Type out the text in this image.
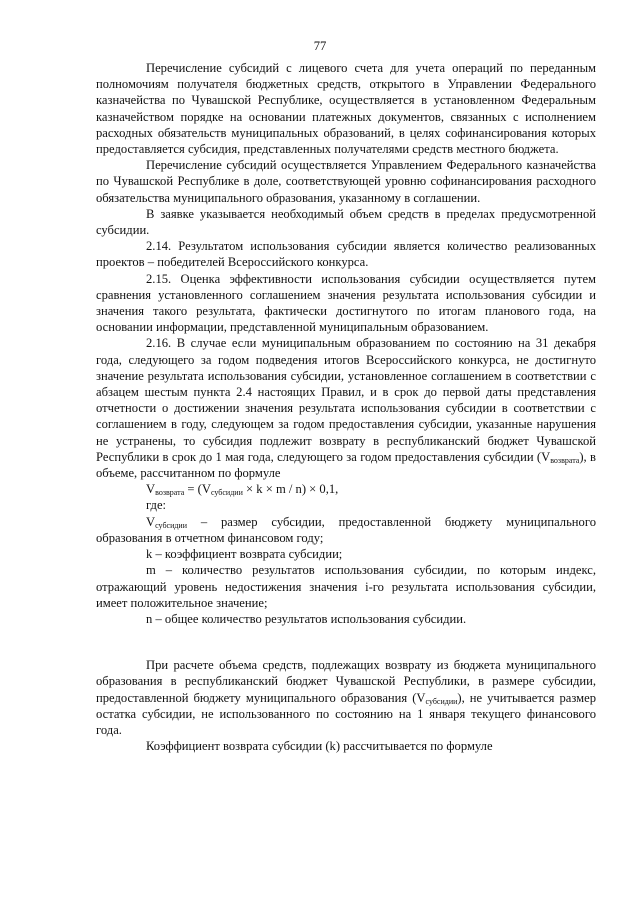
77

Перечисление субсидий с лицевого счета для учета операций по переданным полномочиям получателя бюджетных средств, открытого в Управлении Федерального казначейства по Чувашской Республике, осуществляется в установленном Федеральным казначейством порядке на основании платежных документов, связанных с исполнением расходных обязательств муниципальных образований, в целях софинансирования которых предоставляется субсидия, представленных получателями средств местного бюджета.

Перечисление субсидий осуществляется Управлением Федерального казначейства по Чувашской Республике в доле, соответствующей уровню софинансирования расходного обязательства муниципального образования, указанному в соглашении.

В заявке указывается необходимый объем средств в пределах предусмотренной субсидии.

2.14. Результатом использования субсидии является количество реализованных проектов – победителей Всероссийского конкурса.

2.15. Оценка эффективности использования субсидии осуществляется путем сравнения установленного соглашением значения результата использования субсидии и значения такого результата, фактически достигнутого по итогам планового года, на основании информации, представленной муниципальным образованием.

2.16. В случае если муниципальным образованием по состоянию на 31 декабря года, следующего за годом подведения итогов Всероссийского конкурса, не достигнуто значение результата использования субсидии, установленное соглашением в соответствии с абзацем шестым пункта 2.4 настоящих Правил, и в срок до первой даты представления отчетности о достижении значения результата использования субсидии в соответствии с соглашением в году, следующем за годом предоставления субсидии, указанные нарушения не устранены, то субсидия подлежит возврату в республиканский бюджет Чувашской Республики в срок до 1 мая года, следующего за годом предоставления субсидии $(V_{возврата})$, в объеме, рассчитанном по формуле

$V_{возврата} = (V_{субсидии} \times k \times m / n) \times 0,1$,

где:

$V_{субсидии}$ – размер субсидии, предоставленной бюджету муниципального образования в отчетном финансовом году;

k – коэффициент возврата субсидии;

m – количество результатов использования субсидии, по которым индекс, отражающий уровень недостижения значения i-го результата использования субсидии, имеет положительное значение;

n – общее количество результатов использования субсидии.

При расчете объема средств, подлежащих возврату из бюджета муниципального образования в республиканский бюджет Чувашской Республики, в размере субсидии, предоставленной бюджету муниципального образования $(V_{субсидии})$, не учитывается размер остатка субсидии, не использованного по состоянию на 1 января текущего финансового года.

Коэффициент возврата субсидии (k) рассчитывается по формуле
